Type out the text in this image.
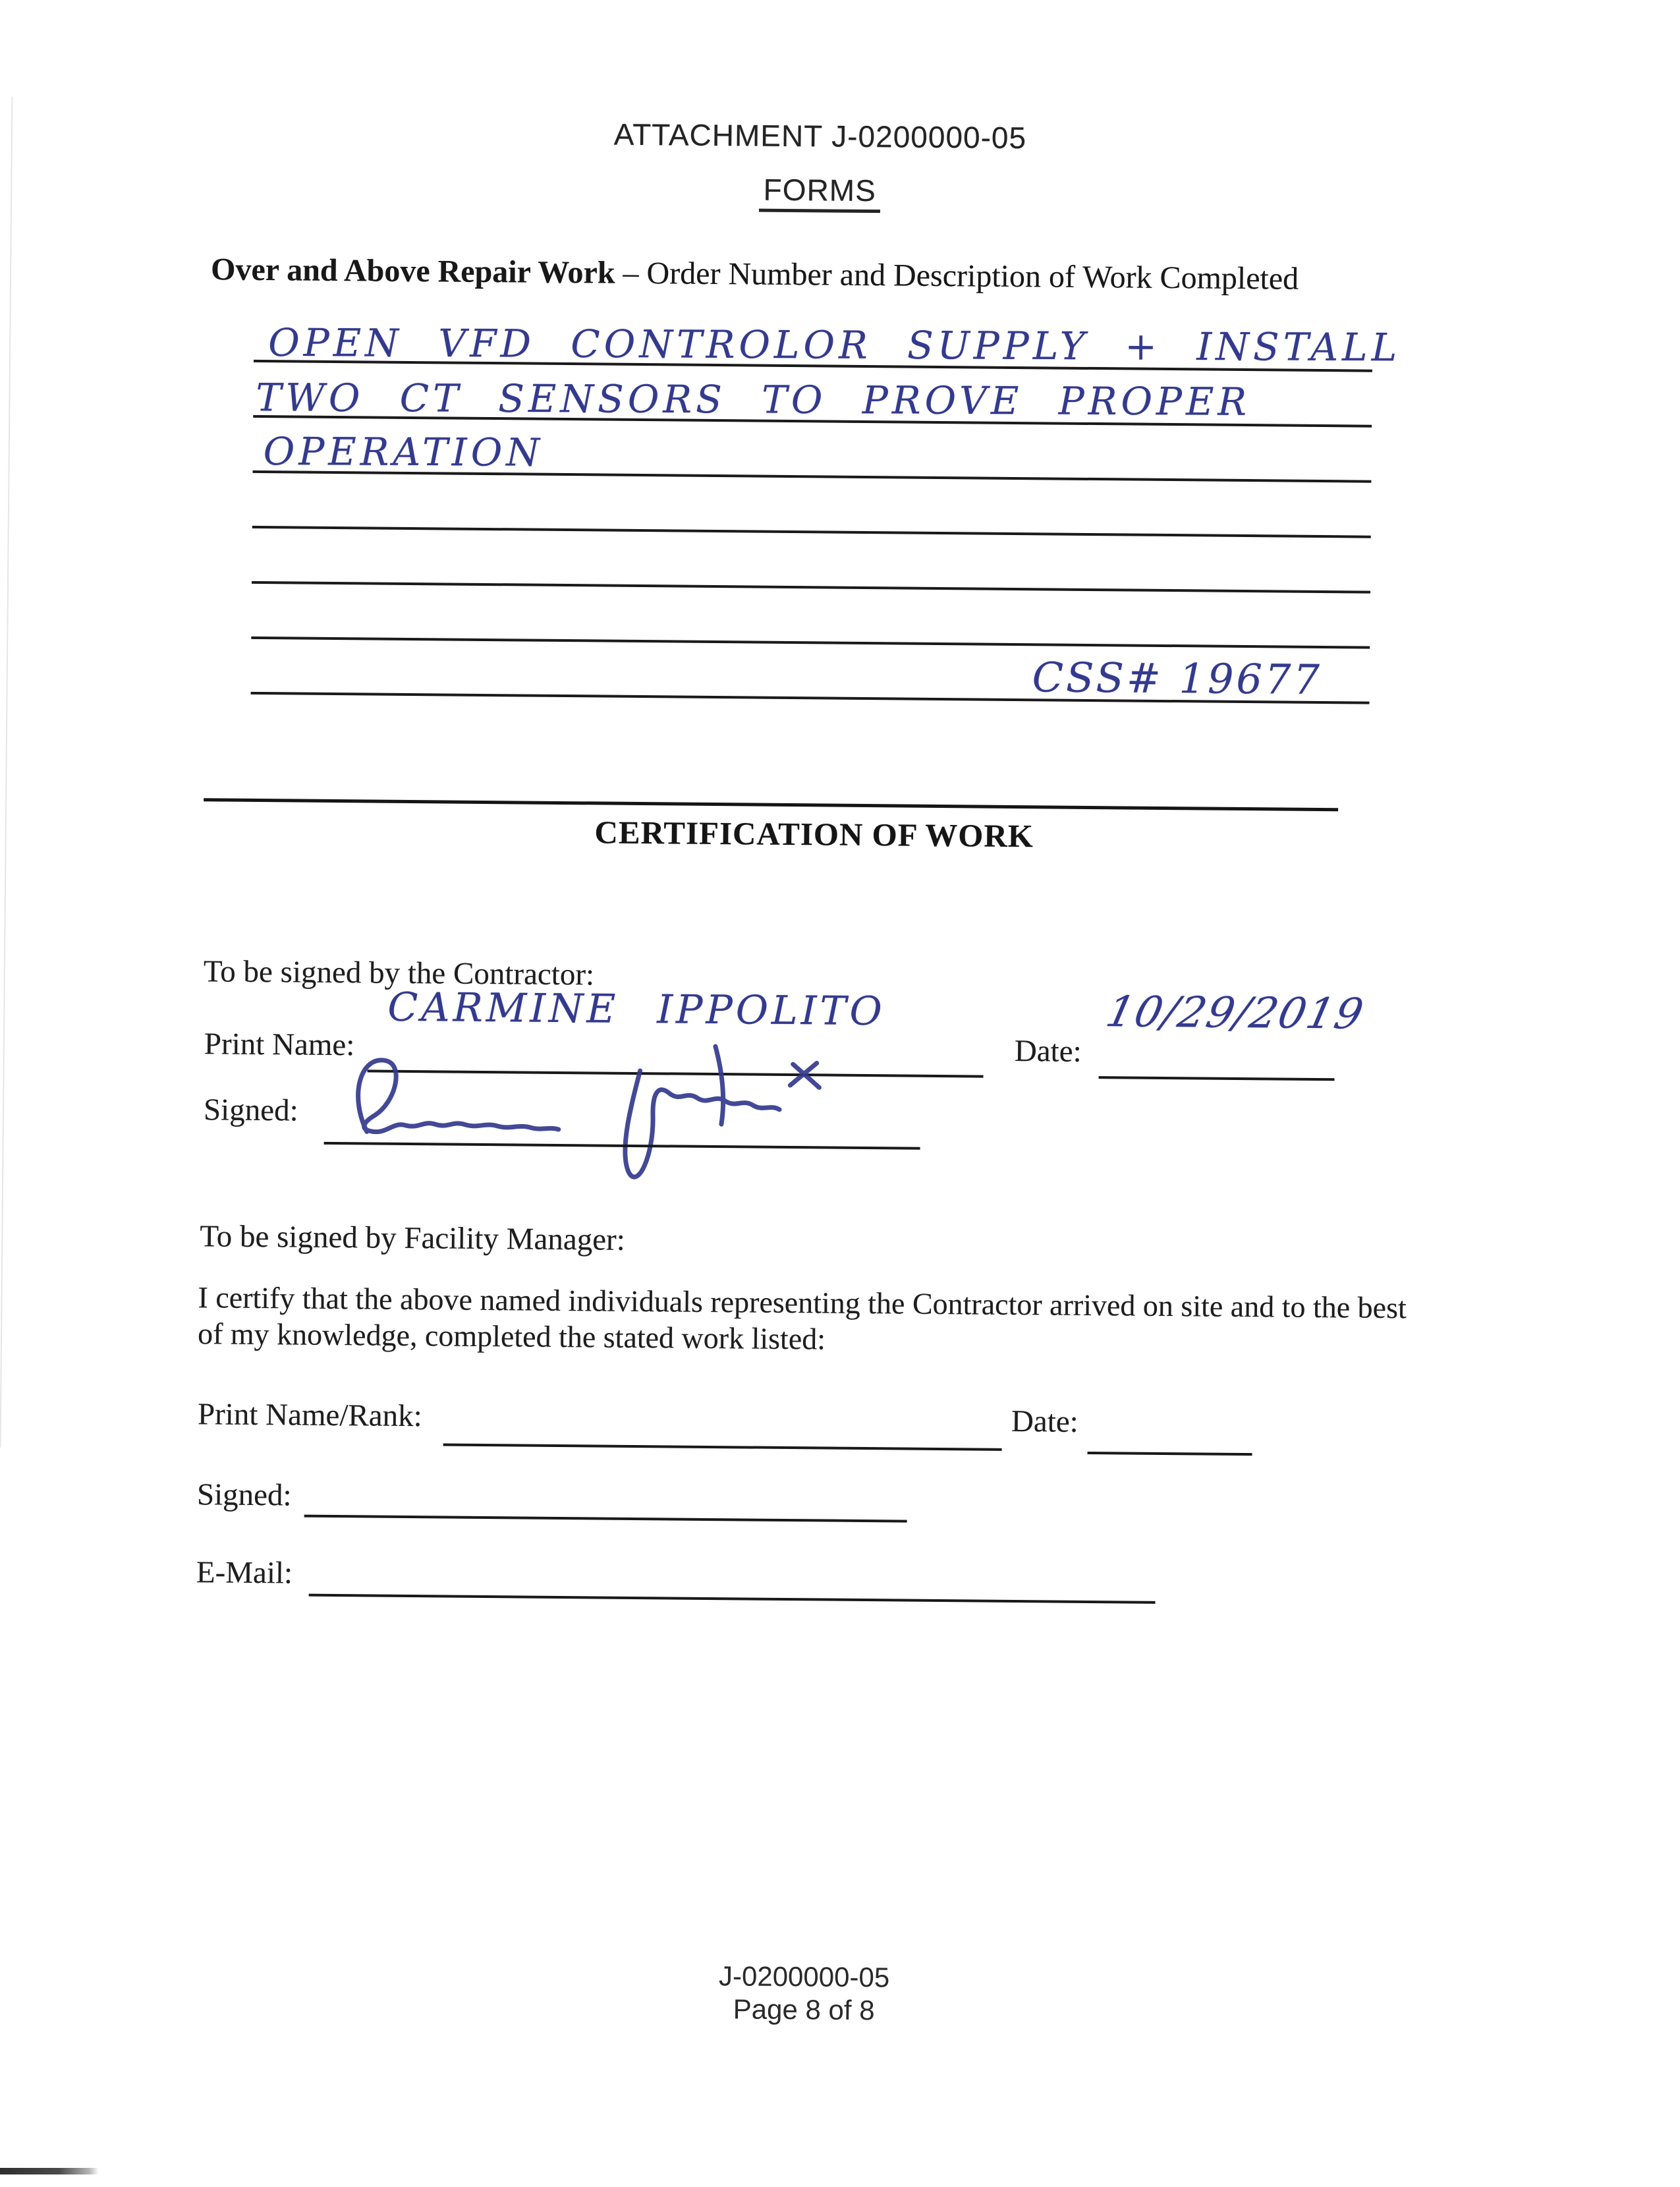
ATTACHMENT J-0200000-05

FORMS
Over and Above Repair Work – Order Number and Description of Work Completed
OPEN VFD CONTROLOR SUPPLY + INSTALL
TWO CT SENSORS TO PROVE PROPER
OPERATION
CSS# 19677
CERTIFICATION OF WORK
To be signed by the Contractor:
Print Name:
CARMINE IPPOLITO
Date:
10/29/2019
Signed:
To be signed by Facility Manager:
I certify that the above named individuals representing the Contractor arrived on site and to the best of my knowledge, completed the stated work listed:
Print Name/Rank:	Date:
Signed:
E-Mail:
J-0200000-05
Page 8 of 8
